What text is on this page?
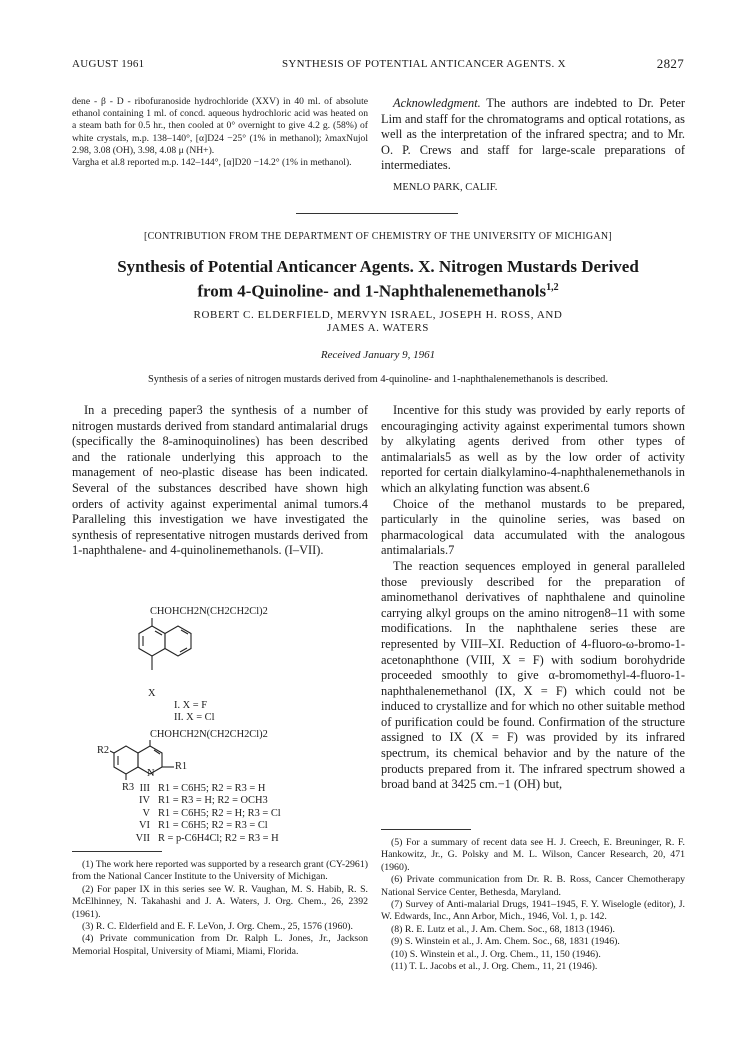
AUGUST 1961	SYNTHESIS OF POTENTIAL ANTICANCER AGENTS. X	2827

dene - β - D - ribofuranoside hydrochloride (XXV) in 40 ml. of absolute ethanol containing 1 ml. of concd. aqueous hydrochloric acid was heated on a steam bath for 0.5 hr., then cooled at 0° overnight to give 4.2 g. (58%) of white crystals, m.p. 138–140°, [α]D24 −25° (1% in methanol); λmaxNujol 2.98, 3.08 (OH), 3.98, 4.08 μ (NH+).

Vargha et al.8 reported m.p. 142–144°, [α]D20 −14.2° (1% in methanol).

Acknowledgment. The authors are indebted to Dr. Peter Lim and staff for the chromatograms and optical rotations, as well as the interpretation of the infrared spectra; and to Mr. O. P. Crews and staff for large-scale preparations of intermediates.

MENLO PARK, CALIF.

[CONTRIBUTION FROM THE DEPARTMENT OF CHEMISTRY OF THE UNIVERSITY OF MICHIGAN]
Synthesis of Potential Anticancer Agents. X. Nitrogen Mustards Derived
from 4-Quinoline- and 1-Naphthalenemethanols$^{1,2}$
ROBERT C. ELDERFIELD, MERVYN ISRAEL, JOSEPH H. ROSS, AND
JAMES A. WATERS
Received January 9, 1961
Synthesis of a series of nitrogen mustards derived from 4-quinoline- and 1-naphthalenemethanols is described.

In a preceding paper3 the synthesis of a number of nitrogen mustards derived from standard antimalarial drugs (specifically the 8-aminoquinolines) has been described and the rationale underlying this approach to the management of neo-plastic disease has been indicated. Several of the substances described have shown high orders of activity against experimental animal tumors.4 Paralleling this investigation we have investigated the synthesis of representative nitrogen mustards derived from 1-naphthalene- and 4-quinolinemethanols. (I–VII).

CHOHCH2N(CH2CH2Cl)2
X
I. X = F
II. X = Cl
CHOHCH2N(CH2CH2Cl)2
R2
R1
N
R3 III R1 = C6H5; R2 = R3 = H
IV R1 = R3 = H; R2 = OCH3
V R1 = C6H5; R2 = H; R3 = Cl
VI R1 = C6H5; R2 = R3 = Cl
VII R = p-C6H4Cl; R2 = R3 = H

Incentive for this study was provided by early reports of encouraginging activity against experimental tumors shown by alkylating agents derived from other types of antimalarials5 as well as by the low order of activity reported for certain dialkylamino-4-naphthalenemethanols in which an alkylating function was absent.6

Choice of the methanol mustards to be prepared, particularly in the quinoline series, was based on pharmacological data accumulated with the analogous antimalarials.7

The reaction sequences employed in general paralleled those previously described for the preparation of aminomethanol derivatives of naphthalene and quinoline carrying alkyl groups on the amino nitrogen8–11 with some modifications. In the naphthalene series these are represented by VIII–XI. Reduction of 4-fluoro-ω-bromo-1-acetonaphthone (VIII, X = F) with sodium borohydride proceeded smoothly to give α-bromomethyl-4-fluoro-1-naphthalenemethanol (IX, X = F) which could not be induced to crystallize and for which no other suitable method of purification could be found. Confirmation of the structure assigned to IX (X = F) was provided by its infrared spectrum, its chemical behavior and by the nature of the products prepared from it. The infrared spectrum showed a broad band at 3425 cm.−1 (OH) but,

(1) The work here reported was supported by a research grant (CY-2961) from the National Cancer Institute to the University of Michigan.

(2) For paper IX in this series see W. R. Vaughan, M. S. Habib, R. S. McElhinney, N. Takahashi and J. A. Waters, J. Org. Chem., 26, 2392 (1961).

(3) R. C. Elderfield and E. F. LeVon, J. Org. Chem., 25, 1576 (1960).

(4) Private communication from Dr. Ralph L. Jones, Jr., Jackson Memorial Hospital, University of Miami, Miami, Florida.

(5) For a summary of recent data see H. J. Creech, E. Breuninger, R. F. Hankowitz, Jr., G. Polsky and M. L. Wilson, Cancer Research, 20, 471 (1960).

(6) Private communication from Dr. R. B. Ross, Cancer Chemotherapy National Service Center, Bethesda, Maryland.

(7) Survey of Anti-malarial Drugs, 1941–1945, F. Y. Wiselogle (editor), J. W. Edwards, Inc., Ann Arbor, Mich., 1946, Vol. 1, p. 142.

(8) R. E. Lutz et al., J. Am. Chem. Soc., 68, 1813 (1946).

(9) S. Winstein et al., J. Am. Chem. Soc., 68, 1831 (1946).

(10) S. Winstein et al., J. Org. Chem., 11, 150 (1946).

(11) T. L. Jacobs et al., J. Org. Chem., 11, 21 (1946).
